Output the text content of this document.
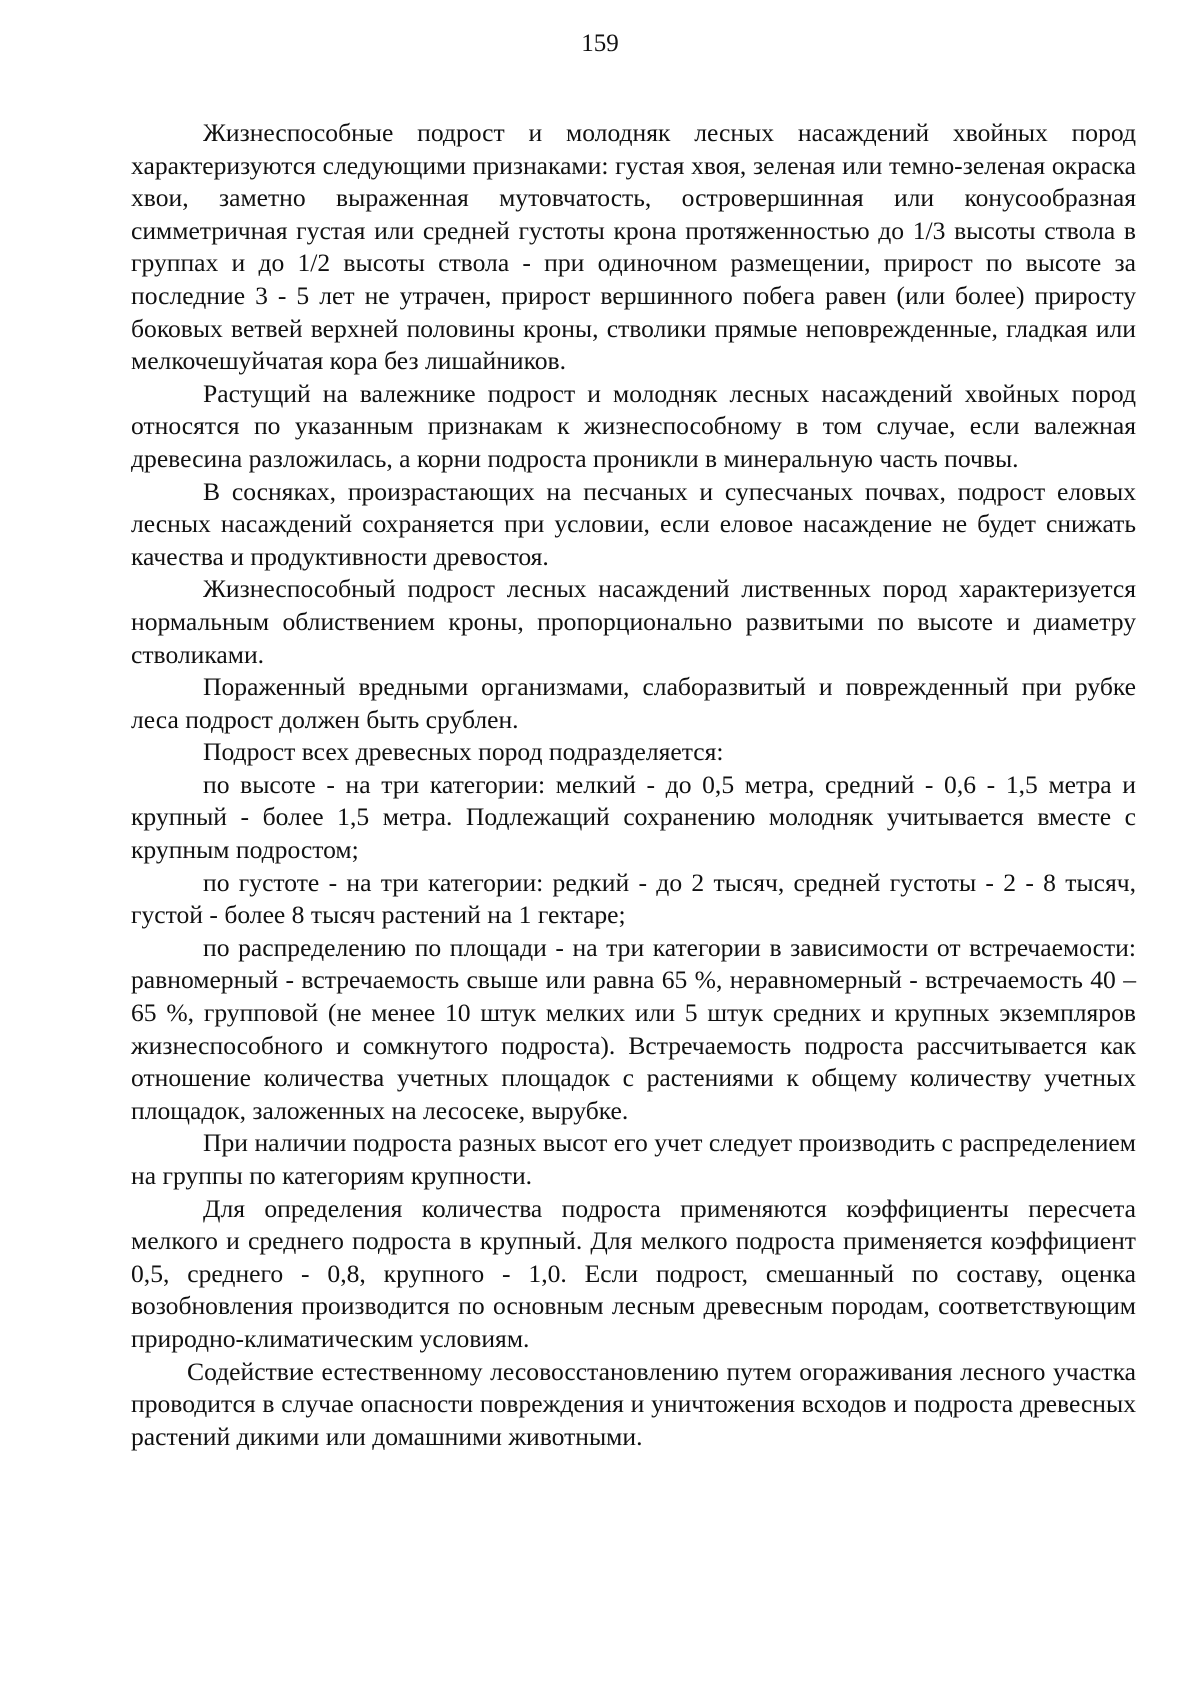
159

Жизнеспособные подрост и молодняк лесных насаждений хвойных пород характеризуются следующими признаками: густая хвоя, зеленая или темно-зеленая окраска хвои, заметно выраженная мутовчатость, островершинная или конусообразная симметричная густая или средней густоты крона протяженностью до 1/3 высоты ствола в группах и до 1/2 высоты ствола - при одиночном размещении, прирост по высоте за последние 3 - 5 лет не утрачен, прирост вершинного побега равен (или более) приросту боковых ветвей верхней половины кроны, стволики прямые неповрежденные, гладкая или мелкочешуйчатая кора без лишайников.

Растущий на валежнике подрост и молодняк лесных насаждений хвойных пород относятся по указанным признакам к жизнеспособному в том случае, если валежная древесина разложилась, а корни подроста проникли в минеральную часть почвы.

В сосняках, произрастающих на песчаных и супесчаных почвах, подрост еловых лесных насаждений сохраняется при условии, если еловое насаждение не будет снижать качества и продуктивности древостоя.

Жизнеспособный подрост лесных насаждений лиственных пород характеризуется нормальным облиствением кроны, пропорционально развитыми по высоте и диаметру стволиками.

Пораженный вредными организмами, слаборазвитый и поврежденный при рубке леса подрост должен быть срублен.

Подрост всех древесных пород подразделяется:

по высоте - на три категории: мелкий - до 0,5 метра, средний - 0,6 - 1,5 метра и крупный - более 1,5 метра. Подлежащий сохранению молодняк учитывается вместе с крупным подростом;

по густоте - на три категории: редкий - до 2 тысяч, средней густоты - 2 - 8 тысяч, густой - более 8 тысяч растений на 1 гектаре;

по распределению по площади - на три категории в зависимости от встречаемости: равномерный - встречаемость свыше или равна 65 %, неравномерный - встречаемость 40 – 65 %, групповой (не менее 10 штук мелких или 5 штук средних и крупных экземпляров жизнеспособного и сомкнутого подроста). Встречаемость подроста рассчитывается как отношение количества учетных площадок с растениями к общему количеству учетных площадок, заложенных на лесосеке, вырубке.

При наличии подроста разных высот его учет следует производить с распределением на группы по категориям крупности.

Для определения количества подроста применяются коэффициенты пересчета мелкого и среднего подроста в крупный. Для мелкого подроста применяется коэффициент 0,5, среднего - 0,8, крупного - 1,0. Если подрост, смешанный по составу, оценка возобновления производится по основным лесным древесным породам, соответствующим природно-климатическим условиям.

Содействие естественному лесовосстановлению путем огораживания лесного участка проводится в случае опасности повреждения и уничтожения всходов и подроста древесных растений дикими или домашними животными.
